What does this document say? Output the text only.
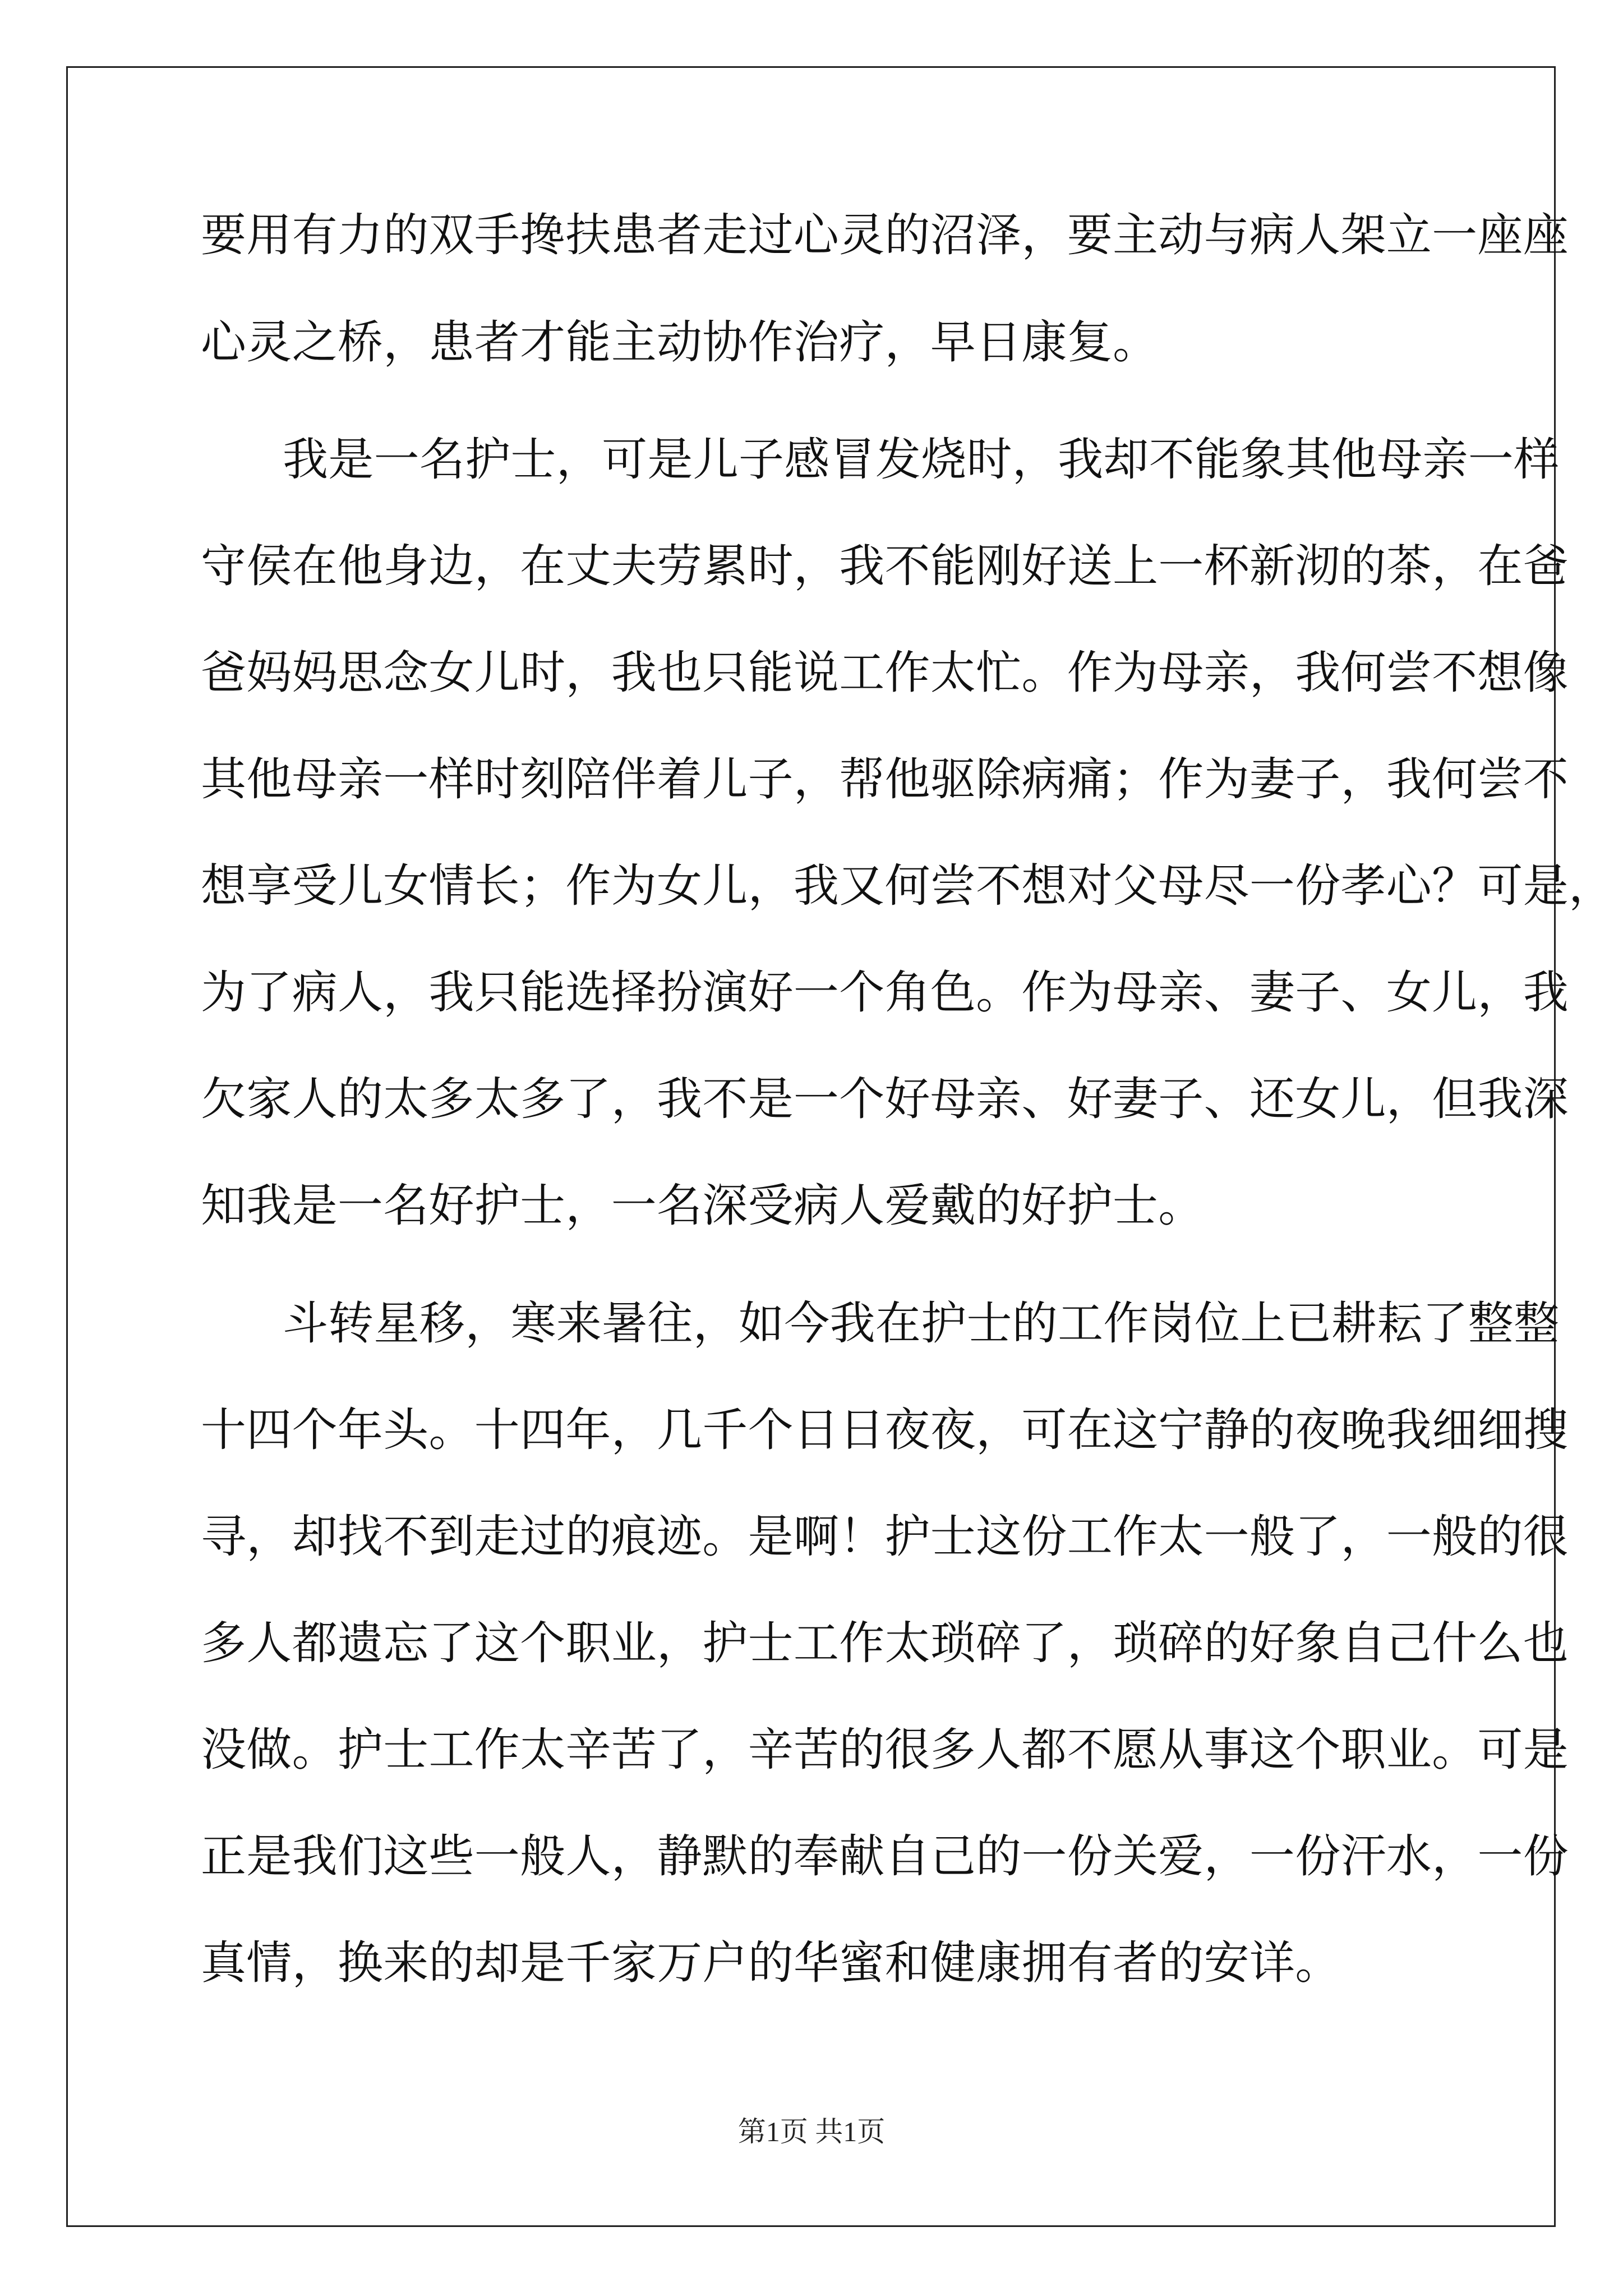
要用有力的双手搀扶患者走过心灵的沼泽，要主动与病人架立一座座
心灵之桥，患者才能主动协作治疗，早日康复。
我是一名护士，可是儿子感冒发烧时，我却不能象其他母亲一样
守侯在他身边，在丈夫劳累时，我不能刚好送上一杯新沏的茶，在爸
爸妈妈思念女儿时，我也只能说工作太忙。作为母亲，我何尝不想像
其他母亲一样时刻陪伴着儿子，帮他驱除病痛；作为妻子，我何尝不
想享受儿女情长；作为女儿，我又何尝不想对父母尽一份孝心？可是，
为了病人，我只能选择扮演好一个角色。作为母亲、妻子、女儿，我
欠家人的太多太多了，我不是一个好母亲、好妻子、还女儿，但我深
知我是一名好护士，一名深受病人爱戴的好护士。
斗转星移，寒来暑往，如今我在护士的工作岗位上已耕耘了整整
十四个年头。十四年，几千个日日夜夜，可在这宁静的夜晚我细细搜
寻，却找不到走过的痕迹。是啊！护士这份工作太一般了，一般的很
多人都遗忘了这个职业，护士工作太琐碎了，琐碎的好象自己什么也
没做。护士工作太辛苦了，辛苦的很多人都不愿从事这个职业。可是
正是我们这些一般人，静默的奉献自己的一份关爱，一份汗水，一份
真情，换来的却是千家万户的华蜜和健康拥有者的安详。
第1页 共1页
